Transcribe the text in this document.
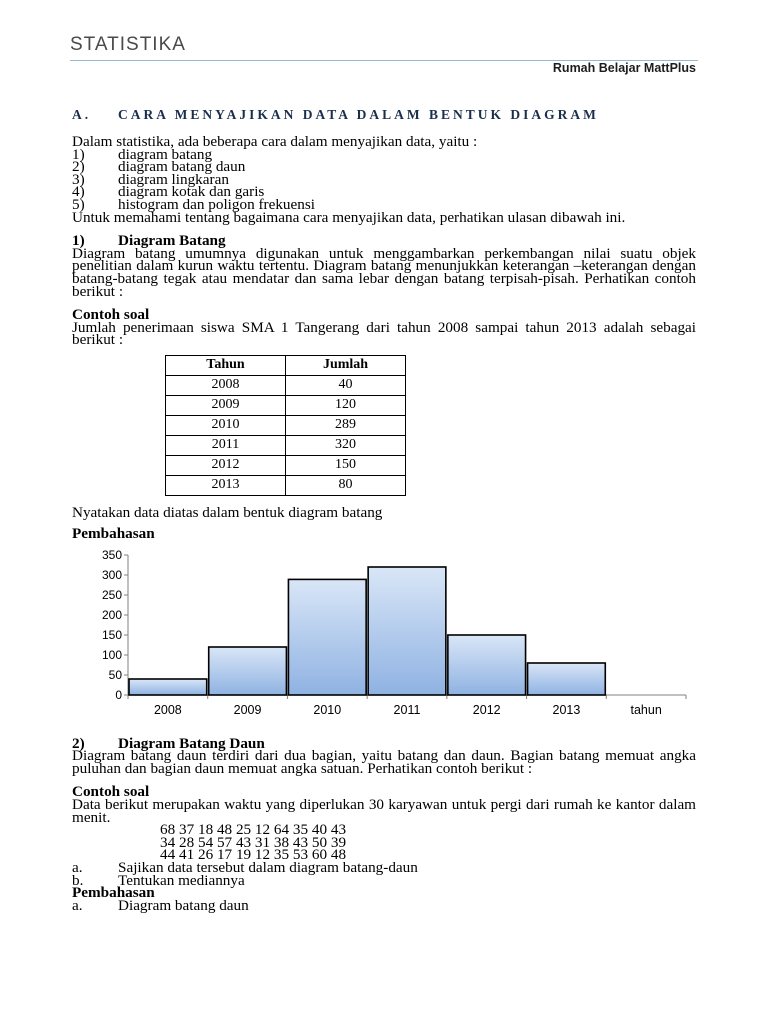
STATISTIKA
Rumah Belajar MattPlus
A.	CARA MENYAJIKAN DATA DALAM BENTUK DIAGRAM

Dalam statistika, ada beberapa cara dalam menyajikan data, yaitu :

1)	diagram batang
2)	diagram batang daun
3)	diagram lingkaran
4)	diagram kotak dan garis
5)	histogram dan poligon frekuensi

Untuk memahami tentang bagaimana cara menyajikan data, perhatikan ulasan dibawah ini.

1)	Diagram Batang

Diagram batang umumnya digunakan untuk menggambarkan perkembangan nilai suatu objek penelitian dalam kurun waktu tertentu. Diagram batang menunjukkan keterangan –keterangan dengan batang-batang tegak atau mendatar dan sama lebar dengan batang terpisah-pisah. Perhatikan contoh berikut :

Contoh soal

Jumlah penerimaan siswa SMA 1 Tangerang dari tahun 2008 sampai tahun 2013 adalah sebagai berikut :

Tahun	Jumlah
2008	40
2009	120
2010	289
2011	320
2012	150
2013	80

Nyatakan data diatas dalam bentuk diagram batang

Pembahasan

0
50
100
150
200
250
300
350
2008	2009	2010	2011	2012	2013	tahun
2)	Diagram Batang Daun

Diagram batang daun terdiri dari dua bagian, yaitu batang dan daun. Bagian batang memuat angka puluhan dan bagian daun memuat angka satuan. Perhatikan contoh berikut :

Contoh soal

Data berikut merupakan waktu yang diperlukan 30 karyawan untuk pergi dari rumah ke kantor dalam menit.

68 37 18 48 25 12 64 35 40 43
34 28 54 57 43 31 38 43 50 39
44 41 26 17 19 12 35 53 60 48
a.	Sajikan data tersebut dalam diagram batang-daun
b.	Tentukan mediannya

Pembahasan

a.	Diagram batang daun
